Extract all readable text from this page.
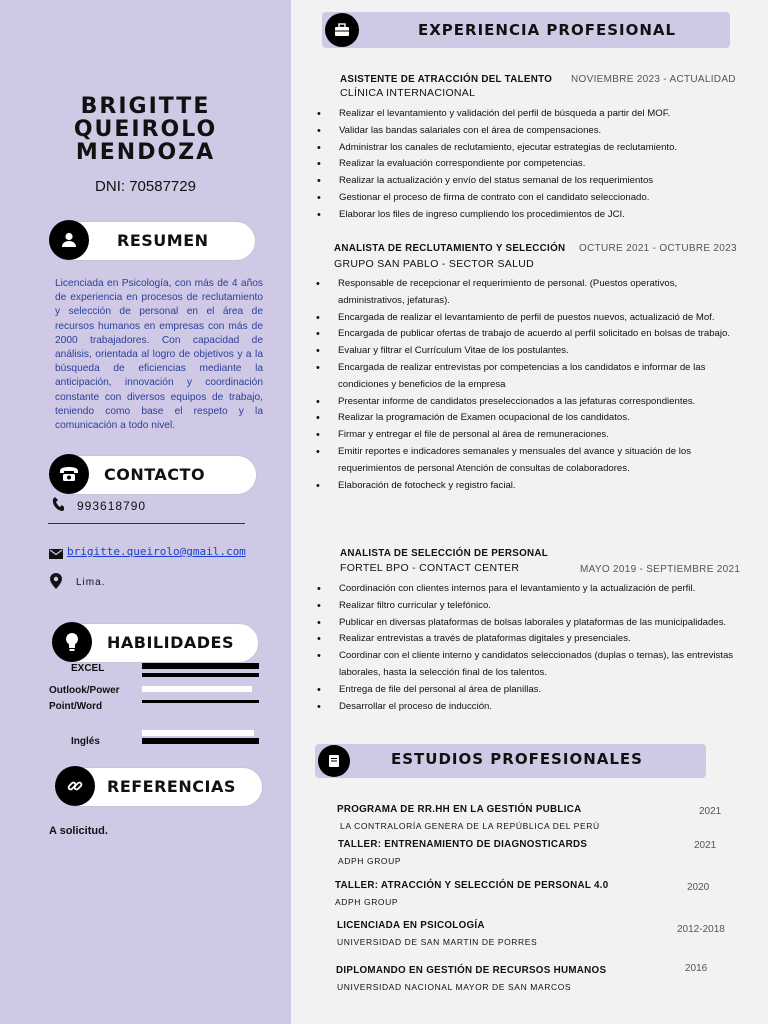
BRIGITTE
QUEIROLO
MENDOZA
DNI: 70587729
RESUMEN
Licenciada en Psicología, con más de 4 años de experiencia en procesos de reclutamiento y selección de personal en el área de recursos humanos en empresas con más de 2000 trabajadores. Con capacidad de análisis, orientada al logro de objetivos y a la búsqueda de eficiencias mediante la anticipación, innovación y coordinación constante con diversos equipos de trabajo, teniendo como base el respeto y la comunicación a todo nivel.
CONTACTO
993618790
brigitte.queirolo@gmail.com
Lima.
HABILIDADES
EXCEL
Outlook/Power
Point/Word
Inglés
REFERENCIAS
A solicitud.
EXPERIENCIA PROFESIONAL
ASISTENTE DE ATRACCIÓN DEL TALENTO
CLÍNICA INTERNACIONAL
NOVIEMBRE 2023 - ACTUALIDAD
• Realizar el levantamiento y validación del perfil de búsqueda a partir del MOF.
• Validar las bandas salariales con el área de compensaciones.
• Administrar los canales de reclutamiento, ejecutar estrategias de reclutamiento.
• Realizar la evaluación correspondiente por competencias.
• Realizar la actualización y envío del status semanal de los requerimientos
• Gestionar el proceso de firma de contrato con el candidato seleccionado.
• Elaborar los files de ingreso cumpliendo los procedimientos de JCI.
ANALISTA DE RECLUTAMIENTO Y SELECCIÓN
GRUPO SAN PABLO - SECTOR SALUD
OCTURE 2021 - OCTUBRE 2023
• Responsable de recepcionar el requerimiento de personal. (Puestos operativos, administrativos, jefaturas).
• Encargada de realizar el levantamiento de perfil de puestos nuevos, actualizació de Mof.
• Encargada de publicar ofertas de trabajo de acuerdo al perfil solicitado en bolsas de trabajo.
• Evaluar y filtrar el Currículum Vitae de los postulantes.
• Encargada de realizar entrevistas por competencias a los candidatos e informar de las condiciones y beneficios de la empresa
• Presentar informe de candidatos preseleccionados a las jefaturas correspondientes.
• Realizar la programación de Examen ocupacional de los candidatos.
• Firmar y entregar el file de personal al área de remuneraciones.
• Emitir reportes e indicadores semanales y mensuales del avance y situación de los requerimientos de personal Atención de consultas de colaboradores.
• Elaboración de fotocheck y registro facial.
ANALISTA DE SELECCIÓN DE PERSONAL
FORTEL BPO - CONTACT CENTER	MAYO 2019 - SEPTIEMBRE 2021
• Coordinación con clientes internos para el levantamiento y la actualización de perfil.
• Realizar filtro curricular y telefónico.
• Publicar en diversas plataformas de bolsas laborales y plataformas de las municipalidades.
• Realizar entrevistas a través de plataformas digitales y presenciales.
• Coordinar con el cliente interno y candidatos seleccionados (duplas o ternas), las entrevistas laborales, hasta la selección final de los talentos.
• Entrega de file del personal al área de planillas.
• Desarrollar el proceso de inducción.
ESTUDIOS PROFESIONALES
PROGRAMA DE RR.HH EN LA GESTIÓN PUBLICA
LA CONTRALORÍA GENERA DE LA REPÚBLICA DEL PERÚ
2021
TALLER: ENTRENAMIENTO DE DIAGNOSTICARDS
ADPH GROUP
2021
TALLER: ATRACCIÓN Y SELECCIÓN DE PERSONAL 4.0
ADPH GROUP
2020
LICENCIADA EN PSICOLOGÍA
UNIVERSIDAD DE SAN MARTIN DE PORRES
2012-2018
DIPLOMANDO EN GESTIÓN DE RECURSOS HUMANOS
UNIVERSIDAD NACIONAL MAYOR DE SAN MARCOS
2016
